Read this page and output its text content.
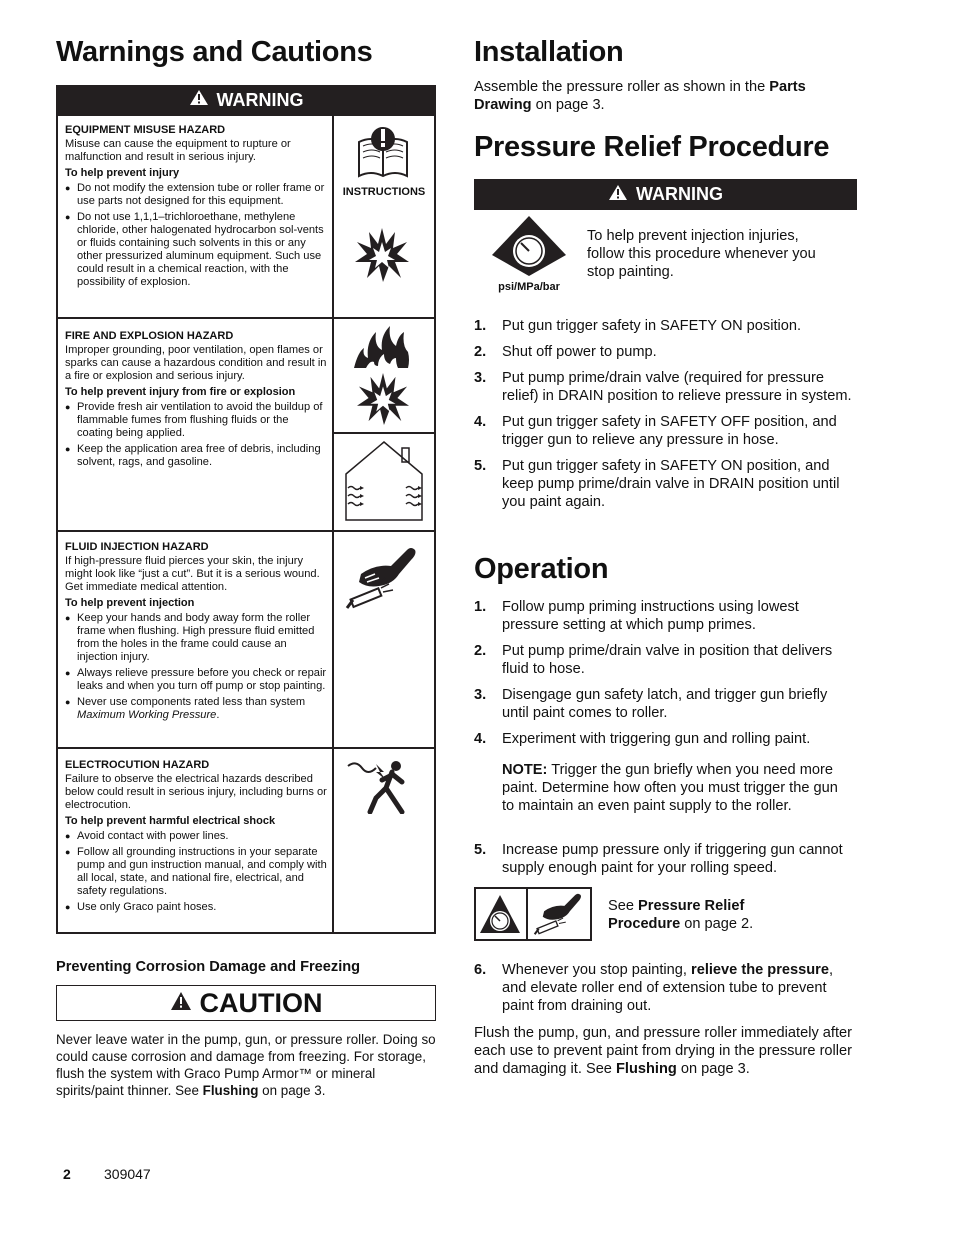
Warnings and Cautions
WARNING
EQUIPMENT MISUSE HAZARD
Misuse can cause the equipment to rupture or malfunction and result in serious injury.
To help prevent injury
● Do not modify the extension tube or roller frame or use parts not designed for this equipment.
● Do not use 1,1,1–trichloroethane, methylene chloride, other halogenated hydrocarbon sol-vents or fluids containing such solvents in this or any other pressurized aluminum equipment. Such use could result in a chemical reaction, with the possibility of explosion.
INSTRUCTIONS
FIRE AND EXPLOSION HAZARD
Improper grounding, poor ventilation, open flames or sparks can cause a hazardous condition and result in a fire or explosion and serious injury.
To help prevent injury from fire or explosion
● Provide fresh air ventilation to avoid the buildup of flammable fumes from flushing fluids or the coating being applied.
● Keep the application area free of debris, including solvent, rags, and gasoline.
FLUID INJECTION HAZARD
If high-pressure fluid pierces your skin, the injury might look like “just a cut”. But it is a serious wound. Get immediate medical attention.
To help prevent injection
● Keep your hands and body away form the roller frame when flushing. High pressure fluid emitted from the holes in the frame could cause an injection injury.
● Always relieve pressure before you check or repair leaks and when you turn off pump or stop painting.
● Never use components rated less than system Maximum Working Pressure.
ELECTROCUTION HAZARD
Failure to observe the electrical hazards described below could result in serious injury, including burns or electrocution.
To help prevent harmful electrical shock
● Avoid contact with power lines.
● Follow all grounding instructions in your separate pump and gun instruction manual, and comply with all local, state, and national fire, electrical, and safety regulations.
● Use only Graco paint hoses.
Preventing Corrosion Damage and Freezing
CAUTION
Never leave water in the pump, gun, or pressure roller. Doing so could cause corrosion and damage from freezing. For storage, flush the system with Graco Pump Armor™ or mineral spirits/paint thinner. See Flushing on page 3.
2 309047
Installation
Assemble the pressure roller as shown in the Parts Drawing on page 3.
Pressure Relief Procedure
WARNING
psi/MPa/bar
To help prevent injection injuries, follow this procedure whenever you stop painting.
1. Put gun trigger safety in SAFETY ON position.
2. Shut off power to pump.
3. Put pump prime/drain valve (required for pressure relief) in DRAIN position to relieve pressure in system.
4. Put gun trigger safety in SAFETY OFF position, and trigger gun to relieve any pressure in hose.
5. Put gun trigger safety in SAFETY ON position, and keep pump prime/drain valve in DRAIN position until you paint again.
Operation
1. Follow pump priming instructions using lowest pressure setting at which pump primes.
2. Put pump prime/drain valve in position that delivers fluid to hose.
3. Disengage gun safety latch, and trigger gun briefly until paint comes to roller.
4. Experiment with triggering gun and rolling paint.
NOTE: Trigger the gun briefly when you need more paint. Determine how often you must trigger the gun to maintain an even paint supply to the roller.
5. Increase pump pressure only if triggering gun cannot supply enough paint for your rolling speed.
See Pressure Relief Procedure on page 2.
6. Whenever you stop painting, relieve the pressure, and elevate roller end of extension tube to prevent paint from draining out.
Flush the pump, gun, and pressure roller immediately after each use to prevent paint from drying in the pressure roller and damaging it. See Flushing on page 3.
